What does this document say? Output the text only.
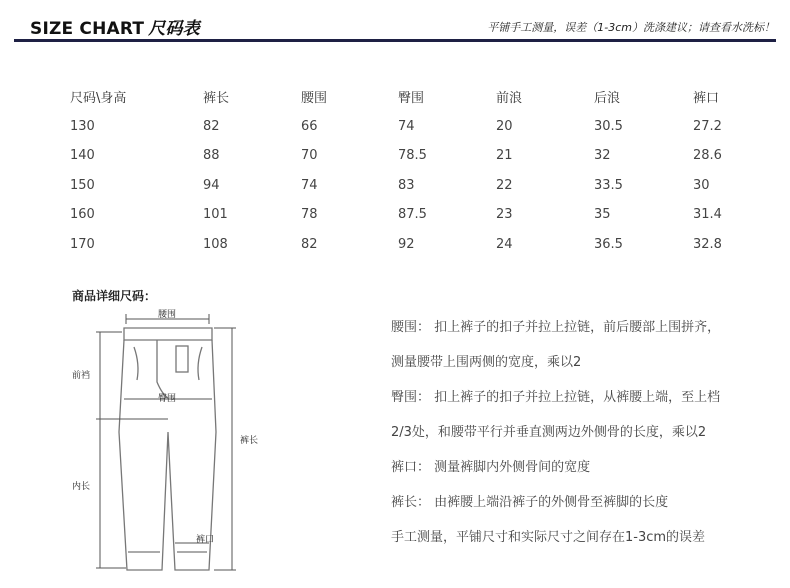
SIZE CHART 尺码表	平铺手工测量，误差（1-3cm）洗涤建议；请查看水洗标！
尺码\身高	裤长	腰围	臀围	前浪	后浪	裤口
130	82	66	74	20	30.5	27.2
140	88	70	78.5	21	32	28.6
150	94	74	83	22	33.5	30
160	101	78	87.5	23	35	31.4
170	108	82	92	24	36.5	32.8
商品详细尺码：
腰围
臀围
前裆
内长
裤长
裤口

腰围： 扣上裤子的扣子并拉上拉链，前后腰部上围拼齐，

测量腰带上围两侧的宽度，乘以2

臀围： 扣上裤子的扣子并拉上拉链，从裤腰上端，至上档

2/3处，和腰带平行并垂直测两边外侧骨的长度，乘以2

裤口： 测量裤脚内外侧骨间的宽度

裤长： 由裤腰上端沿裤子的外侧骨至裤脚的长度

手工测量，平铺尺寸和实际尺寸之间存在1-3cm的误差
